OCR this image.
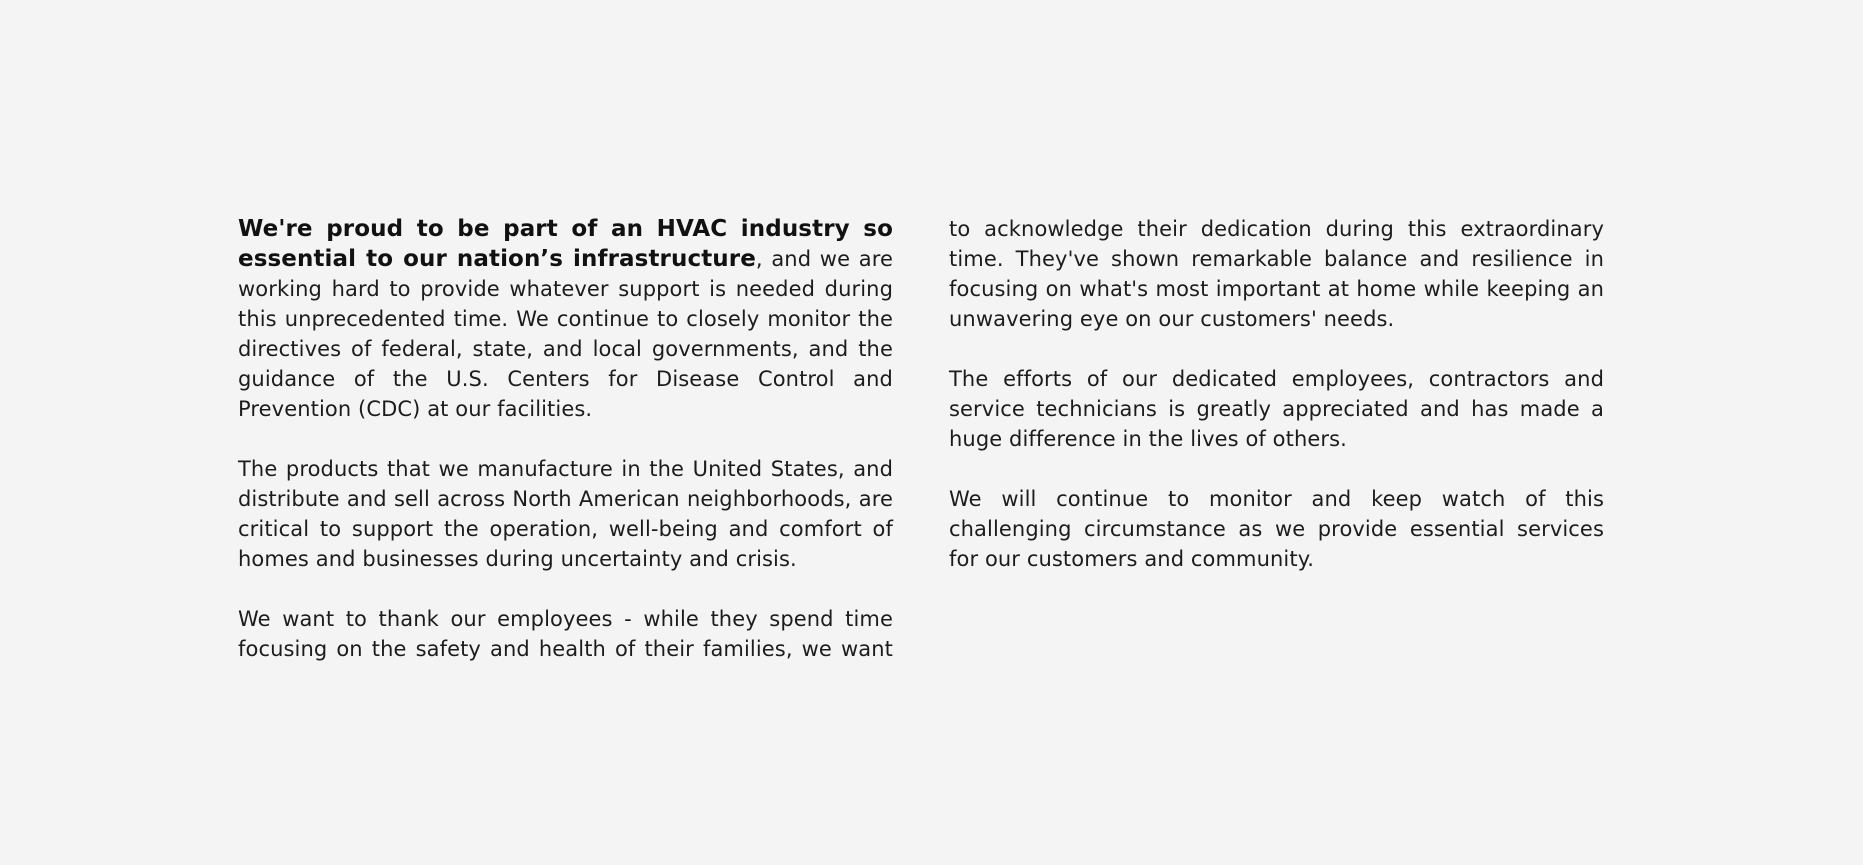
We're proud to be part of an HVAC industry so essential to our nation’s infrastructure, and we are working hard to provide whatever support is needed during this unprecedented time. We continue to closely monitor the directives of federal, state, and local governments, and the guidance of the U.S. Centers for Disease Control and Prevention (CDC) at our facilities.

The products that we manufacture in the United States, and distribute and sell across North American neighborhoods, are critical to support the operation, well-being and comfort of homes and businesses during uncertainty and crisis.

We want to thank our employees - while they spend time focusing on the safety and health of their families, we want to acknowledge their dedication during this extraordinary time. They've shown remarkable balance and resilience in focusing on what's most important at home while keeping an unwavering eye on our customers' needs.

The efforts of our dedicated employees, contractors and service technicians is greatly appreciated and has made a huge difference in the lives of others.

We will continue to monitor and keep watch of this challenging circumstance as we provide essential services for our customers and community.
